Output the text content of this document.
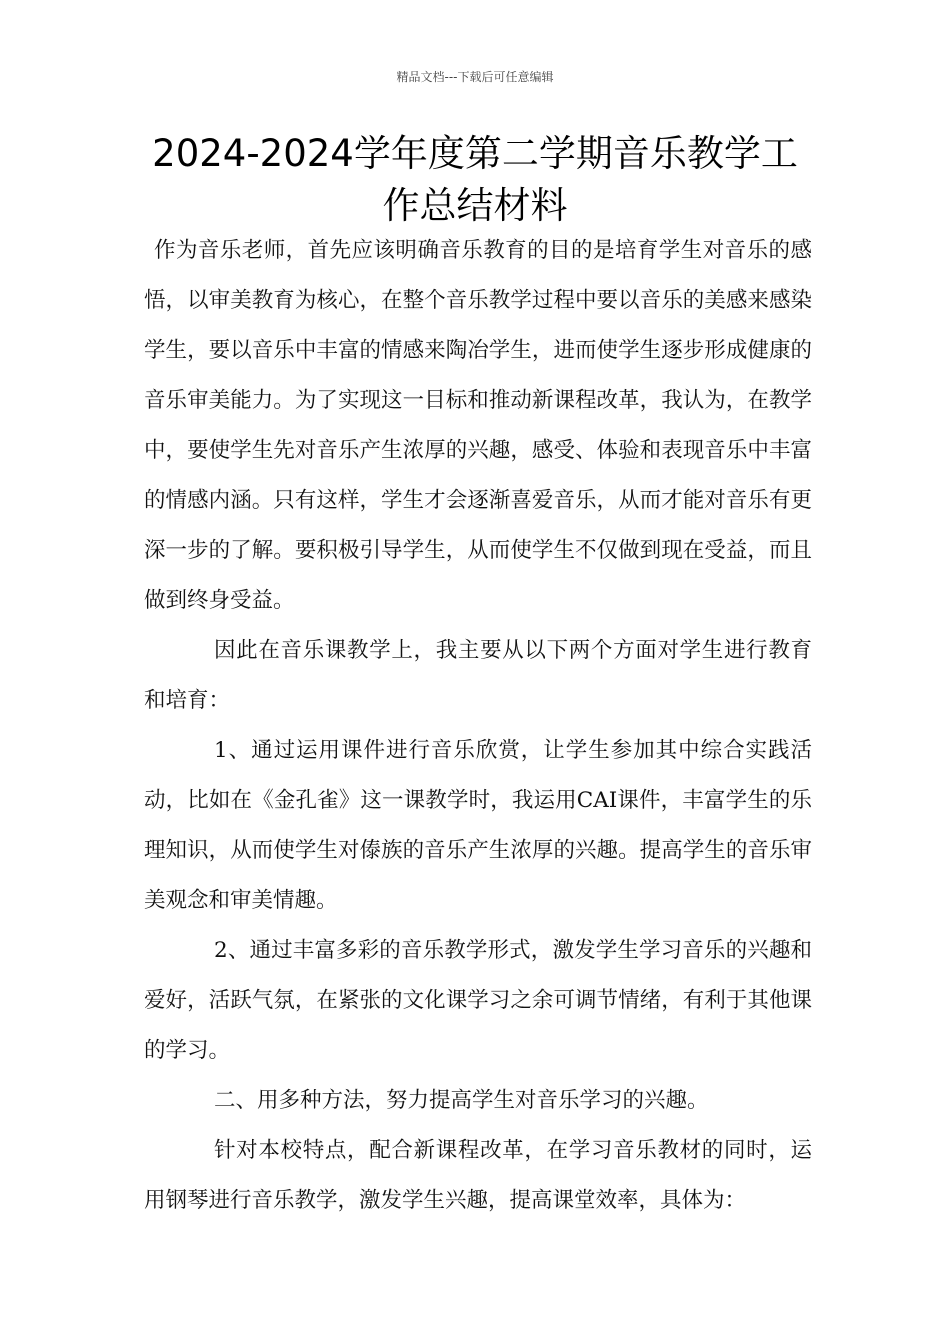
精品文档---下载后可任意编辑
2024-2024学年度第二学期音乐教学工作总结材料

作为音乐老师，首先应该明确音乐教育的目的是培育学生对音乐的感悟，以审美教育为核心，在整个音乐教学过程中要以音乐的美感来感染学生，要以音乐中丰富的情感来陶冶学生，进而使学生逐步形成健康的音乐审美能力。为了实现这一目标和推动新课程改革，我认为，在教学中，要使学生先对音乐产生浓厚的兴趣，感受、体验和表现音乐中丰富的情感内涵。只有这样，学生才会逐渐喜爱音乐，从而才能对音乐有更深一步的了解。要积极引导学生，从而使学生不仅做到现在受益，而且做到终身受益。

因此在音乐课教学上，我主要从以下两个方面对学生进行教育和培育：

1、通过运用课件进行音乐欣赏，让学生参加其中综合实践活动，比如在《金孔雀》这一课教学时，我运用CAI课件，丰富学生的乐理知识，从而使学生对傣族的音乐产生浓厚的兴趣。提高学生的音乐审美观念和审美情趣。

2、通过丰富多彩的音乐教学形式，激发学生学习音乐的兴趣和爱好，活跃气氛，在紧张的文化课学习之余可调节情绪，有利于其他课的学习。

二、用多种方法，努力提高学生对音乐学习的兴趣。

针对本校特点，配合新课程改革，在学习音乐教材的同时，运用钢琴进行音乐教学，激发学生兴趣，提高课堂效率，具体为：
